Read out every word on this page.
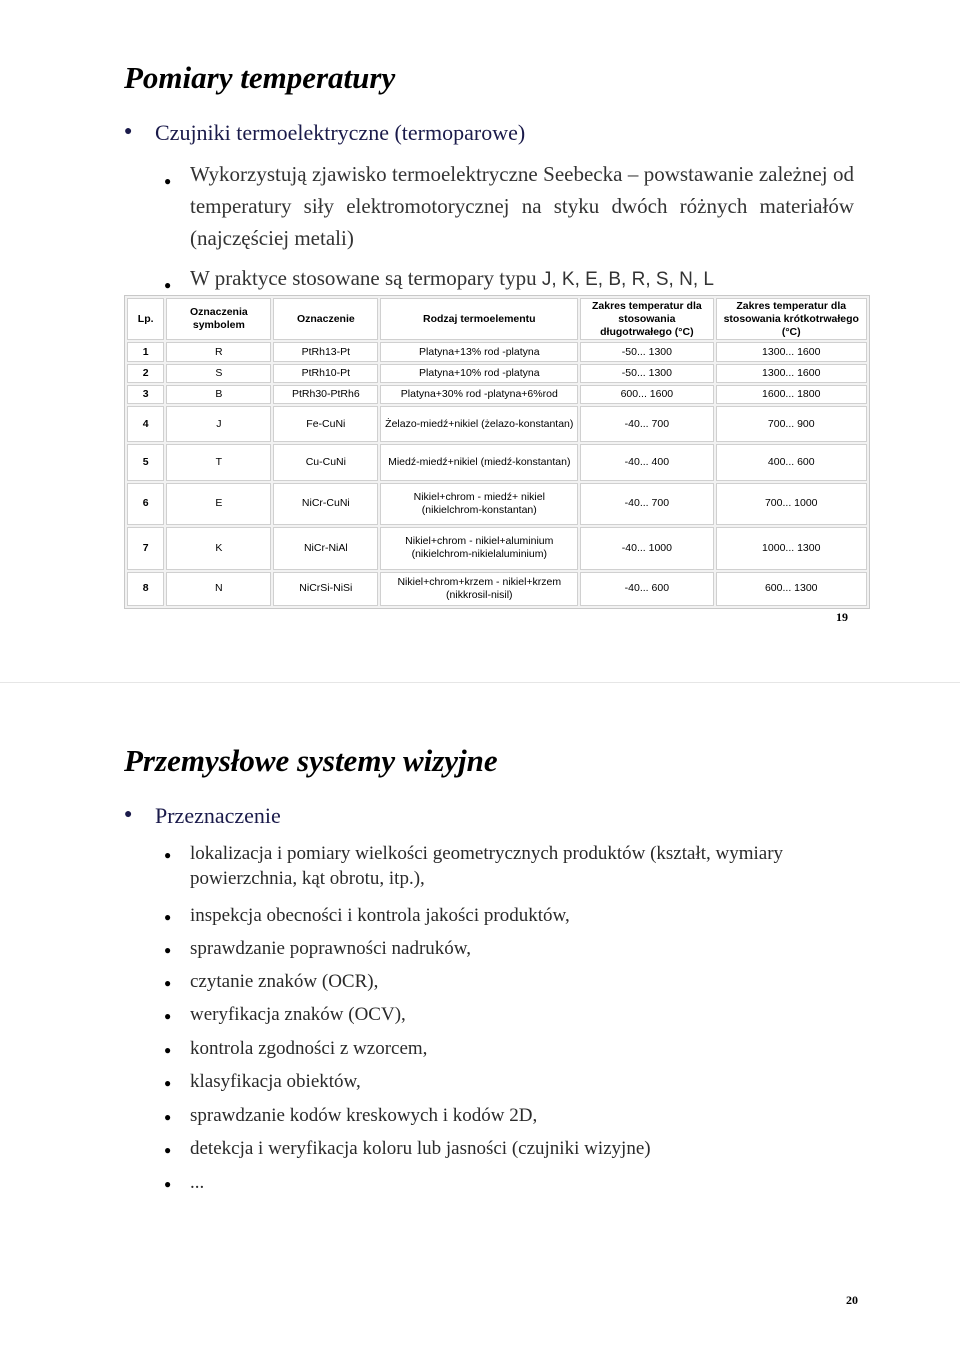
Pomiary temperatury
● Czujniki termoelektryczne (termoparowe)
● Wykorzystują zjawisko termoelektryczne Seebecka – powstawanie zależnej od temperatury siły elektromotorycznej na styku dwóch różnych materiałów (najczęściej metali)
● W praktyce stosowane są termopary typu J, K, E, B, R, S, N, L
Lp.	Oznaczenia symbolem	Oznaczenie	Rodzaj termoelementu	Zakres temperatur dla stosowania długotrwałego (°C)	Zakres temperatur dla stosowania krótkotrwałego (°C)
1	R	PtRh13-Pt	Platyna+13% rod -platyna	-50... 1300	1300... 1600
2	S	PtRh10-Pt	Platyna+10% rod -platyna	-50... 1300	1300... 1600
3	B	PtRh30-PtRh6	Platyna+30% rod -platyna+6%rod	600... 1600	1600... 1800
4	J	Fe-CuNi	Żelazo-miedź+nikiel (żelazo-konstantan)	-40... 700	700... 900
5	T	Cu-CuNi	Miedź-miedź+nikiel (miedź-konstantan)	-40... 400	400... 600
6	E	NiCr-CuNi	Nikiel+chrom - miedź+ nikiel (nikielchrom-konstantan)	-40... 700	700... 1000
7	K	NiCr-NiAl	Nikiel+chrom - nikiel+aluminium (nikielchrom-nikielaluminium)	-40... 1000	1000... 1300
8	N	NiCrSi-NiSi	Nikiel+chrom+krzem - nikiel+krzem (nikkrosil-nisil)	-40... 600	600... 1300
19
Przemysłowe systemy wizyjne
● Przeznaczenie
● lokalizacja i pomiary wielkości geometrycznych produktów (kształt, wymiary powierzchnia, kąt obrotu, itp.),
● inspekcja obecności i kontrola jakości produktów,
● sprawdzanie poprawności nadruków,
● czytanie znaków (OCR),
● weryfikacja znaków (OCV),
● kontrola zgodności z wzorcem,
● klasyfikacja obiektów,
● sprawdzanie kodów kreskowych i kodów 2D,
● detekcja i weryfikacja koloru lub jasności (czujniki wizyjne)
● ...
20
